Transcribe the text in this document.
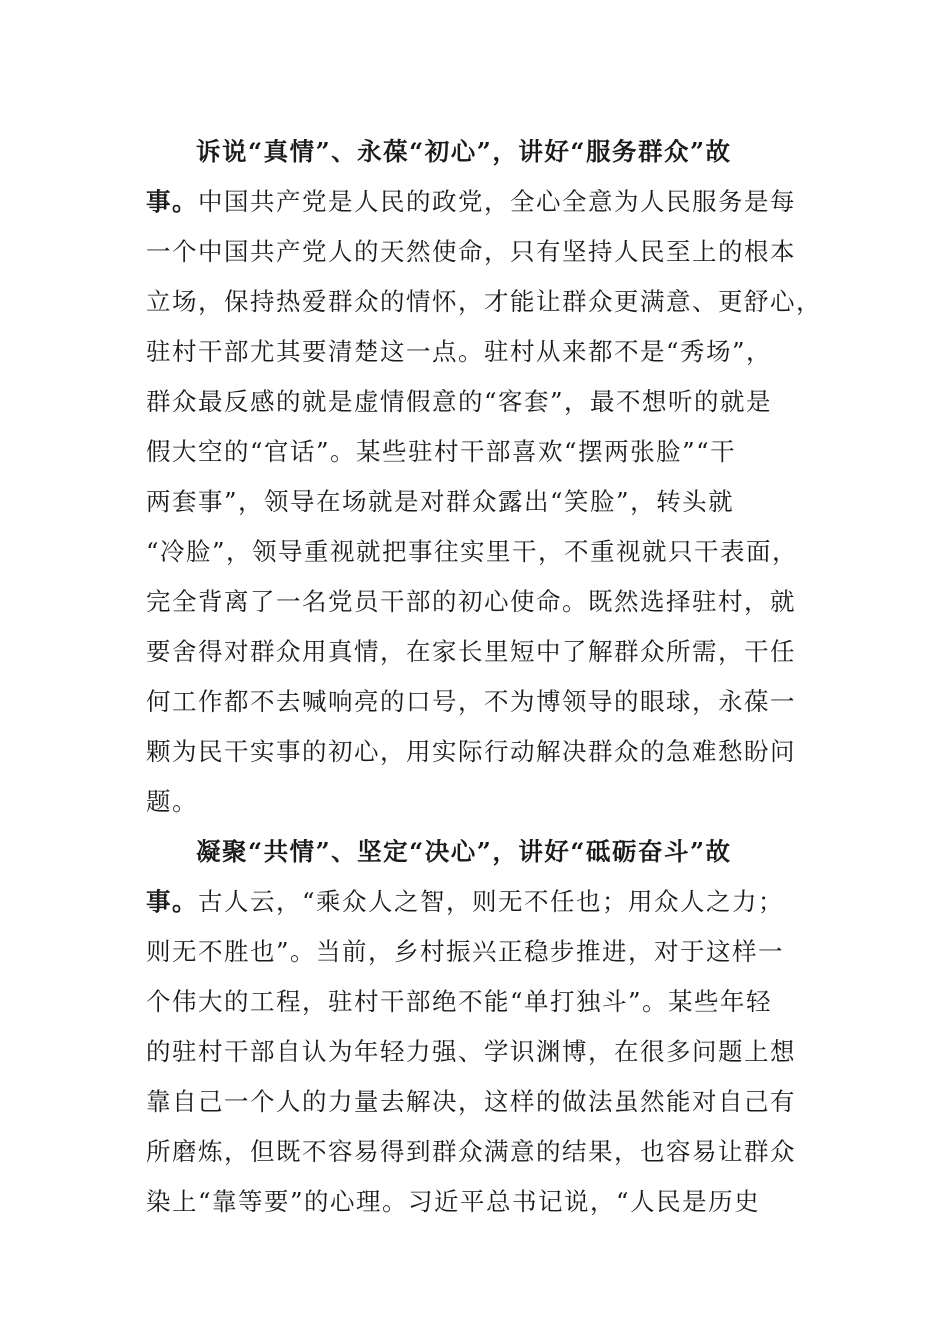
诉说“真情”、永葆“初心”，讲好“服务群众”故
事。中国共产党是人民的政党，全心全意为人民服务是每
一个中国共产党人的天然使命，只有坚持人民至上的根本
立场，保持热爱群众的情怀，才能让群众更满意、更舒心，
驻村干部尤其要清楚这一点。驻村从来都不是“秀场”，
群众最反感的就是虚情假意的“客套”，最不想听的就是
假大空的“官话”。某些驻村干部喜欢“摆两张脸”“干
两套事”，领导在场就是对群众露出“笑脸”，转头就
“冷脸”，领导重视就把事往实里干，不重视就只干表面，
完全背离了一名党员干部的初心使命。既然选择驻村，就
要舍得对群众用真情，在家长里短中了解群众所需，干任
何工作都不去喊响亮的口号，不为博领导的眼球，永葆一
颗为民干实事的初心，用实际行动解决群众的急难愁盼问
题。
凝聚“共情”、坚定“决心”，讲好“砥砺奋斗”故
事。古人云，“乘众人之智，则无不任也；用众人之力；
则无不胜也”。当前，乡村振兴正稳步推进，对于这样一
个伟大的工程，驻村干部绝不能“单打独斗”。某些年轻
的驻村干部自认为年轻力强、学识渊博，在很多问题上想
靠自己一个人的力量去解决，这样的做法虽然能对自己有
所磨炼，但既不容易得到群众满意的结果，也容易让群众
染上“靠等要”的心理。习近平总书记说，“人民是历史
